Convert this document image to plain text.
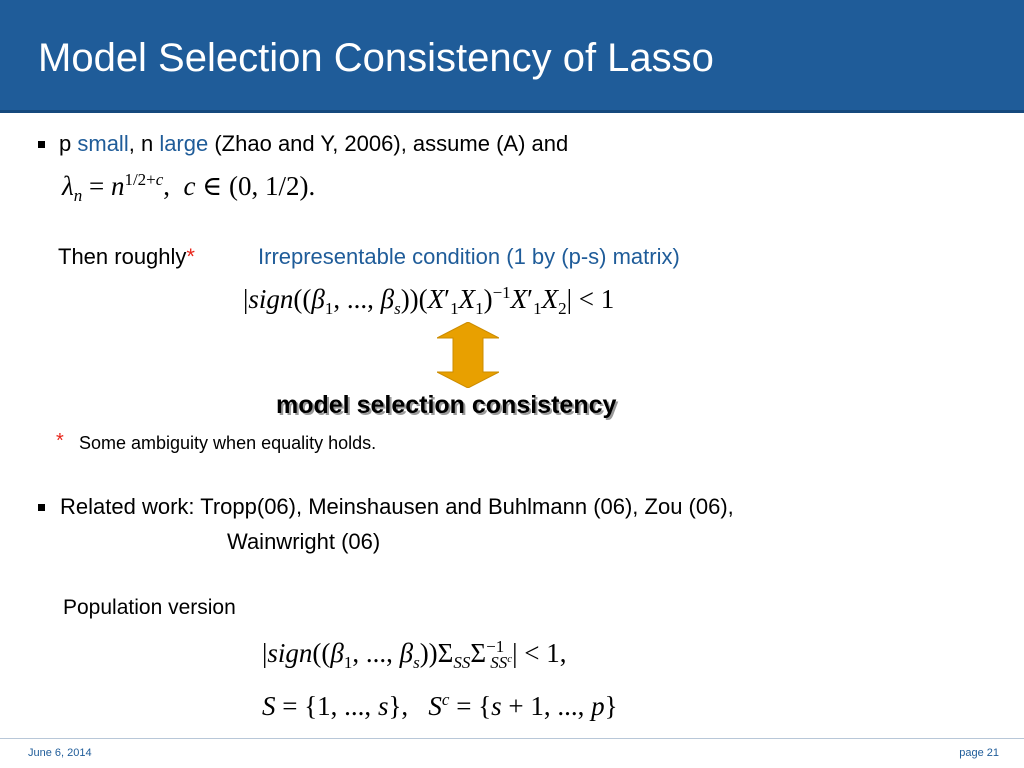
Model Selection Consistency of Lasso
p small, n large (Zhao and Y, 2006), assume (A) and
$\lambda_n = n^{1/2+c}$,  c ∈ (0, 1/2).
Then roughly*	Irrepresentable condition (1 by (p-s) matrix)
$|sign((\beta_1$, ..., $\beta_s))(X'_1X_1)^{-1}X'_1X_2| < 1$
model selection consistency
* Some ambiguity when equality holds.
Related work: Tropp(06), Meinshausen and Buhlmann (06), Zou (06),
Wainwright (06)
Population version
$|sign((\beta_1$, ..., $\beta_s))\Sigma_{SS}\Sigma^{-1}_{SS^c}| < 1$,
S = {1, ..., s},   $S^c = \{s + 1$, ..., p}
June 6, 2014	page 21
